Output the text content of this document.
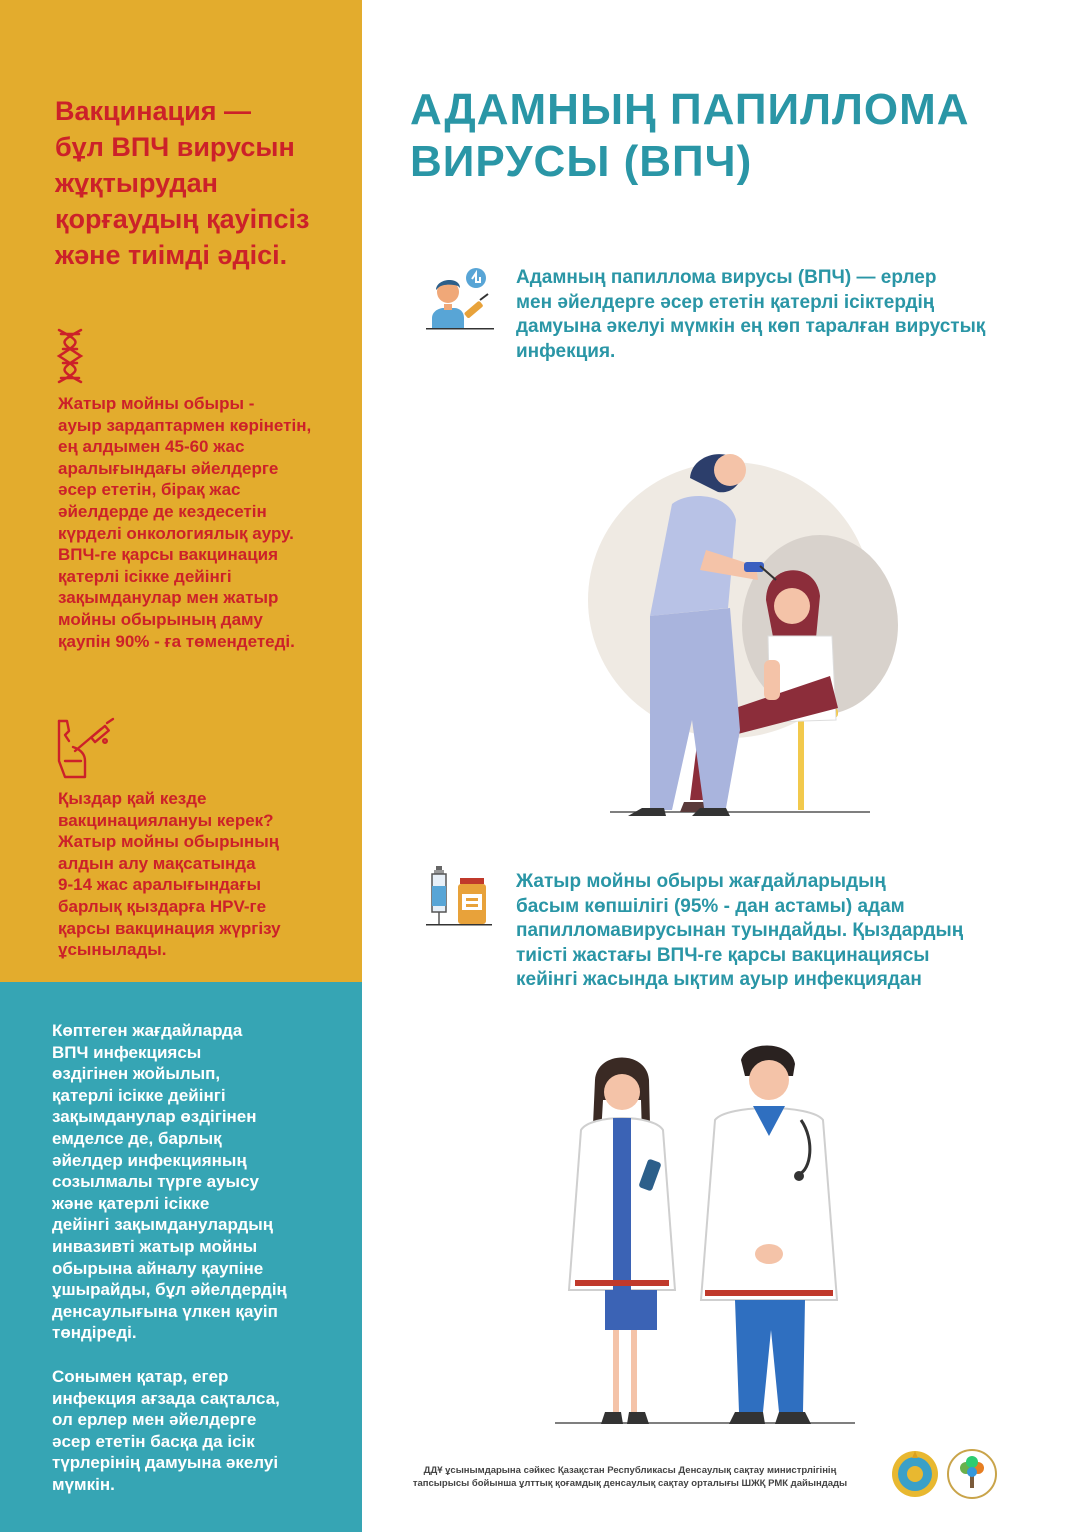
Вакцинация —
бұл ВПЧ вирусын
жұқтырудан
қорғаудың қауіпсіз
және тиімді әдісі.
Жатыр мойны обыры -
ауыр зардаптармен көрінетін,
ең алдымен 45-60 жас
аралығындағы әйелдерге
әсер ететін, бірақ жас
әйелдерде де кездесетін
күрделі онкологиялық ауру.
ВПЧ-ге қарсы вакцинация
қатерлі ісікке дейінгі
зақымданулар мен жатыр
мойны обырының даму
қаупін 90% - ға төмендетеді.
Қыздар қай кезде
вакцинациялануы керек?
Жатыр мойны обырының
алдын алу мақсатында
9-14 жас аралығындағы
барлық қыздарға HPV-ге
қарсы вакцинация жүргізу
ұсынылады.
Көптеген жағдайларда
ВПЧ инфекциясы
өздігінен жойылып,
қатерлі ісікке дейінгі
зақымданулар өздігінен
емделсе де, барлық
әйелдер инфекцияның
созылмалы түрге ауысу
және қатерлі ісікке
дейінгі зақымданулардың
инвазивті жатыр мойны
обырына айналу қаупіне
ұшырайды, бұл әйелдердің
денсаулығына үлкен қауіп
төндіреді.
Сонымен қатар, егер
инфекция ағзада сақталса,
ол ерлер мен әйелдерге
әсер ететін басқа да ісік
түрлерінің дамуына әкелуі
мүмкін.
АДАМНЫҢ ПАПИЛЛОМА
ВИРУСЫ (ВПЧ)
Адамның папиллома вирусы (ВПЧ) — ерлер
мен әйелдерге әсер ететін қатерлі ісіктердің
дамуына әкелуі мүмкін ең көп таралған вирустық
инфекция.
Жатыр мойны обыры жағдайларыдың
басым көпшілігі (95% - дан астамы) адам
папилломавирусынан туындайды. Қыздардың
тиісті жастағы ВПЧ-ге қарсы вакцинациясы
кейінгі жасында ықтим ауыр инфекциядан
ДДҰ ұсынымдарына сәйкес Қазақстан Республикасы Денсаулық сақтау министрлігінің
тапсырысы бойынша ұлттық қоғамдық денсаулық сақтау орталығы ШЖҚ РМК дайындады
